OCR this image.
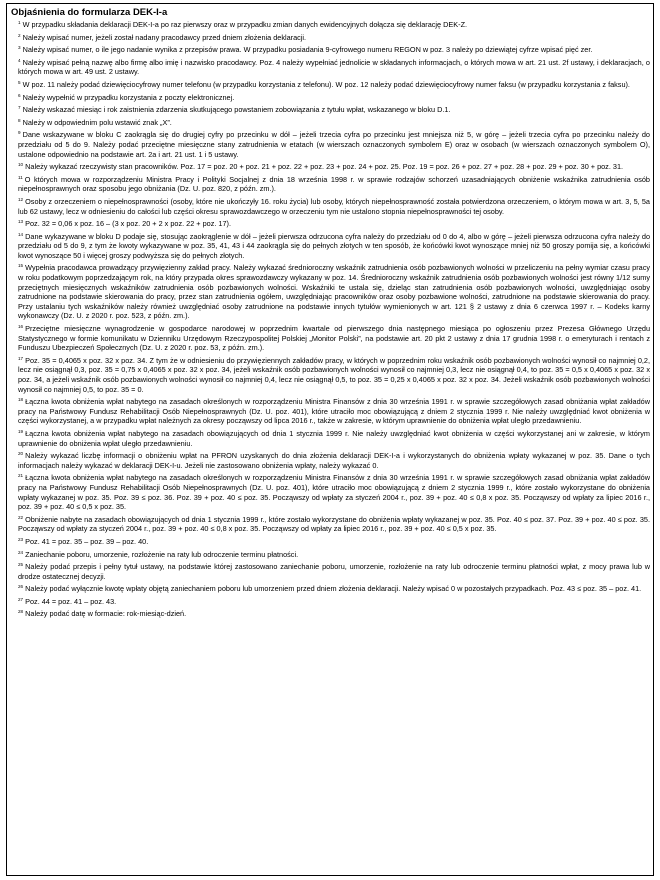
Objaśnienia do formularza DEK-I-a

$^1$ W przypadku składania deklaracji DEK-I-a po raz pierwszy oraz w przypadku zmian danych ewidencyjnych dołącza się deklarację DEK-Z.

$^2$ Należy wpisać numer, jeżeli został nadany pracodawcy przed dniem złożenia deklaracji.

$^3$ Należy wpisać numer, o ile jego nadanie wynika z przepisów prawa. W przypadku posiadania 9-cyfrowego numeru REGON w poz. 3 należy po dziewiątej cyfrze wpisać pięć zer.

$^4$ Należy wpisać pełną nazwę albo firmę albo imię i nazwisko pracodawcy. Poz. 4 należy wypełniać jednolicie w składanych informacjach, o których mowa w art. 21 ust. 2f ustawy, i deklaracjach, o których mowa w art. 49 ust. 2 ustawy.

$^5$ W poz. 11 należy podać dziewięciocyfrowy numer telefonu (w przypadku korzystania z telefonu). W poz. 12 należy podać dziewięciocyfrowy numer faksu (w przypadku korzystania z faksu).

$^6$ Należy wypełnić w przypadku korzystania z poczty elektronicznej.

$^7$ Należy wskazać miesiąc i rok zaistnienia zdarzenia skutkującego powstaniem zobowiązania z tytułu wpłat, wskazanego w bloku D.1.

$^8$ Należy w odpowiednim polu wstawić znak „X”.

$^9$ Dane wskazywane w bloku C zaokrągla się do drugiej cyfry po przecinku w dół – jeżeli trzecia cyfra po przecinku jest mniejsza niż 5, w górę – jeżeli trzecia cyfra po przecinku należy do przedziału od 5 do 9. Należy podać przeciętne miesięczne stany zatrudnienia w etatach (w wierszach oznaczonych symbolem E) oraz w osobach (w wierszach oznaczonych symbolem O), ustalone odpowiednio na podstawie art. 2a i art. 21 ust. 1 i 5 ustawy.

$^{10}$ Należy wykazać rzeczywisty stan pracowników. Poz. 17 = poz. 20 + poz. 21 + poz. 22 + poz. 23 + poz. 24 + poz. 25. Poz. 19 = poz. 26 + poz. 27 + poz. 28 + poz. 29 + poz. 30 + poz. 31.

$^{11}$ O których mowa w rozporządzeniu Ministra Pracy i Polityki Socjalnej z dnia 18 września 1998 r. w sprawie rodzajów schorzeń uzasadniających obniżenie wskaźnika zatrudnienia osób niepełnosprawnych oraz sposobu jego obniżania (Dz. U. poz. 820, z późn. zm.).

$^{12}$ Osoby z orzeczeniem o niepełnosprawności (osoby, które nie ukończyły 16. roku życia) lub osoby, których niepełnosprawność została potwierdzona orzeczeniem, o którym mowa w art. 3, 5, 5a lub 62 ustawy, lecz w odniesieniu do całości lub części okresu sprawozdawczego w orzeczeniu tym nie ustalono stopnia niepełnosprawności tej osoby.

$^{13}$ Poz. 32 = 0,06 x poz. 16 – (3 x poz. 20 + 2 x poz. 22 + poz. 17).

$^{14}$ Dane wykazywane w bloku D podaje się, stosując zaokrąglenie w dół – jeżeli pierwsza odrzucona cyfra należy do przedziału od 0 do 4, albo w górę – jeżeli pierwsza odrzucona cyfra należy do przedziału od 5 do 9, z tym że kwoty wykazywane w poz. 35, 41, 43 i 44 zaokrągla się do pełnych złotych w ten sposób, że końcówki kwot wynoszące mniej niż 50 groszy pomija się, a końcówki kwot wynoszące 50 i więcej groszy podwyższa się do pełnych złotych.

$^{15}$ Wypełnia pracodawca prowadzący przywięzienny zakład pracy. Należy wykazać średnioroczny wskaźnik zatrudnienia osób pozbawionych wolności w przeliczeniu na pełny wymiar czasu pracy w roku podatkowym poprzedzającym rok, na który przypada okres sprawozdawczy wykazany w poz. 14. Średnioroczny wskaźnik zatrudnienia osób pozbawionych wolności jest równy 1/12 sumy przeciętnych miesięcznych wskaźników zatrudnienia osób pozbawionych wolności. Wskaźniki te ustala się, dzieląc stan zatrudnienia osób pozbawionych wolności, uwzględniając osoby zatrudnione na podstawie skierowania do pracy, przez stan zatrudnienia ogółem, uwzględniając pracowników oraz osoby pozbawione wolności, zatrudnione na podstawie skierowania do pracy. Przy ustalaniu tych wskaźników należy również uwzględniać osoby zatrudnione na podstawie innych tytułów wymienionych w art. 121 § 2 ustawy z dnia 6 czerwca 1997 r. – Kodeks karny wykonawczy (Dz. U. z 2020 r. poz. 523, z późn. zm.).

$^{16}$ Przeciętne miesięczne wynagrodzenie w gospodarce narodowej w poprzednim kwartale od pierwszego dnia następnego miesiąca po ogłoszeniu przez Prezesa Głównego Urzędu Statystycznego w formie komunikatu w Dzienniku Urzędowym Rzeczypospolitej Polskiej „Monitor Polski”, na podstawie art. 20 pkt 2 ustawy z dnia 17 grudnia 1998 r. o emeryturach i rentach z Funduszu Ubezpieczeń Społecznych (Dz. U. z 2020 r. poz. 53, z późn. zm.).

$^{17}$ Poz. 35 = 0,4065 x poz. 32 x poz. 34. Z tym że w odniesieniu do przywięziennych zakładów pracy, w których w poprzednim roku wskaźnik osób pozbawionych wolności wynosił co najmniej 0,2, lecz nie osiągnął 0,3, poz. 35 = 0,75 x 0,4065 x poz. 32 x poz. 34, jeżeli wskaźnik osób pozbawionych wolności wynosił co najmniej 0,3, lecz nie osiągnął 0,4, to poz. 35 = 0,5 x 0,4065 x poz. 32 x poz. 34, a jeżeli wskaźnik osób pozbawionych wolności wynosił co najmniej 0,4, lecz nie osiągnął 0,5, to poz. 35 = 0,25 x 0,4065 x poz. 32 x poz. 34. Jeżeli wskaźnik osób pozbawionych wolności wynosił co najmniej 0,5, to poz. 35 = 0.

$^{18}$ Łączna kwota obniżenia wpłat nabytego na zasadach określonych w rozporządzeniu Ministra Finansów z dnia 30 września 1991 r. w sprawie szczegółowych zasad obniżania wpłat zakładów pracy na Państwowy Fundusz Rehabilitacji Osób Niepełnosprawnych (Dz. U. poz. 401), które utraciło moc obowiązującą z dniem 2 stycznia 1999 r. Nie należy uwzględniać kwot obniżenia w części wykorzystanej, a w przypadku wpłat należnych za okresy począwszy od lipca 2016 r., także w zakresie, w którym uprawnienie do obniżenia wpłat uległo przedawnieniu.

$^{19}$ Łączna kwota obniżenia wpłat nabytego na zasadach obowiązujących od dnia 1 stycznia 1999 r. Nie należy uwzględniać kwot obniżenia w części wykorzystanej ani w zakresie, w którym uprawnienie do obniżenia wpłat uległo przedawnieniu.

$^{20}$ Należy wykazać liczbę informacji o obniżeniu wpłat na PFRON uzyskanych do dnia złożenia deklaracji DEK-I-a i wykorzystanych do obniżenia wpłaty wykazanej w poz. 35. Dane o tych informacjach należy wykazać w deklaracji DEK-I-u. Jeżeli nie zastosowano obniżenia wpłaty, należy wykazać 0.

$^{21}$ Łączna kwota obniżenia wpłat nabytego na zasadach określonych w rozporządzeniu Ministra Finansów z dnia 30 września 1991 r. w sprawie szczegółowych zasad obniżania wpłat zakładów pracy na Państwowy Fundusz Rehabilitacji Osób Niepełnosprawnych (Dz. U. poz. 401), które utraciło moc obowiązującą z dniem 2 stycznia 1999 r., które zostało wykorzystane do obniżenia wpłaty wykazanej w poz. 35. Poz. 39 ≤ poz. 36. Poz. 39 + poz. 40 ≤ poz. 35. Począwszy od wpłaty za styczeń 2004 r., poz. 39 + poz. 40 ≤ 0,8 x poz. 35. Począwszy od wpłaty za lipiec 2016 r., poz. 39 + poz. 40 ≤ 0,5 x poz. 35.

$^{22}$ Obniżenie nabyte na zasadach obowiązujących od dnia 1 stycznia 1999 r., które zostało wykorzystane do obniżenia wpłaty wykazanej w poz. 35. Poz. 40 ≤ poz. 37. Poz. 39 + poz. 40 ≤ poz. 35. Począwszy od wpłaty za styczeń 2004 r., poz. 39 + poz. 40 ≤ 0,8 x poz. 35. Począwszy od wpłaty za lipiec 2016 r., poz. 39 + poz. 40 ≤ 0,5 x poz. 35.

$^{23}$ Poz. 41 = poz. 35 – poz. 39 – poz. 40.

$^{24}$ Zaniechanie poboru, umorzenie, rozłożenie na raty lub odroczenie terminu płatności.

$^{25}$ Należy podać przepis i pełny tytuł ustawy, na podstawie której zastosowano zaniechanie poboru, umorzenie, rozłożenie na raty lub odroczenie terminu płatności wpłat, z mocy prawa lub w drodze ostatecznej decyzji.

$^{26}$ Należy podać wyłącznie kwotę wpłaty objętą zaniechaniem poboru lub umorzeniem przed dniem złożenia deklaracji. Należy wpisać 0 w pozostałych przypadkach. Poz. 43 ≤ poz. 35 – poz. 41.

$^{27}$ Poz. 44 = poz. 41 – poz. 43.

$^{28}$ Należy podać datę w formacie: rok-miesiąc-dzień.
